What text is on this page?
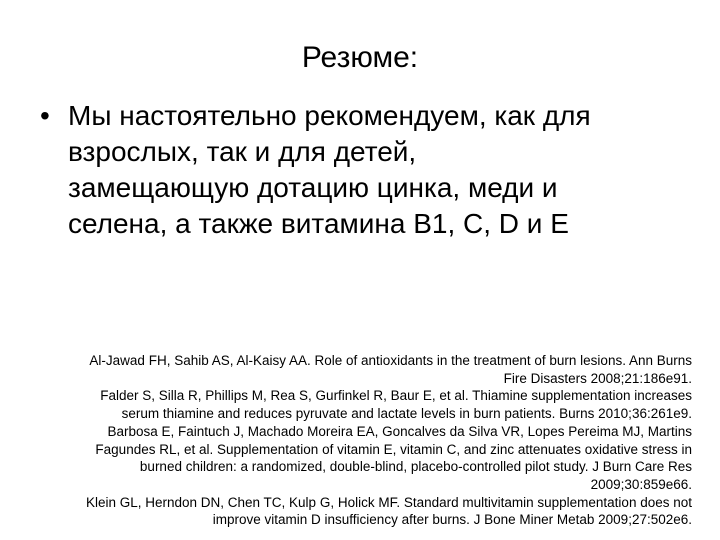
Резюме:
• Мы настоятельно рекомендуем, как для
взрослых, так и для детей,
замещающую дотацию цинка, меди и
селена, а также витамина В1, С, D и Е
Al-Jawad FH, Sahib AS, Al-Kaisy AA. Role of antioxidants in the treatment of burn lesions. Ann Burns
Fire Disasters 2008;21:186e91.
Falder S, Silla R, Phillips M, Rea S, Gurfinkel R, Baur E, et al. Thiamine supplementation increases
serum thiamine and reduces pyruvate and lactate levels in burn patients. Burns 2010;36:261e9.
Barbosa E, Faintuch J, Machado Moreira EA, Goncalves da Silva VR, Lopes Pereima MJ, Martins
Fagundes RL, et al. Supplementation of vitamin E, vitamin C, and zinc attenuates oxidative stress in
burned children: a randomized, double-blind, placebo-controlled pilot study. J Burn Care Res
2009;30:859e66.
Klein GL, Herndon DN, Chen TC, Kulp G, Holick MF. Standard multivitamin supplementation does not
improve vitamin D insufficiency after burns. J Bone Miner Metab 2009;27:502e6.
